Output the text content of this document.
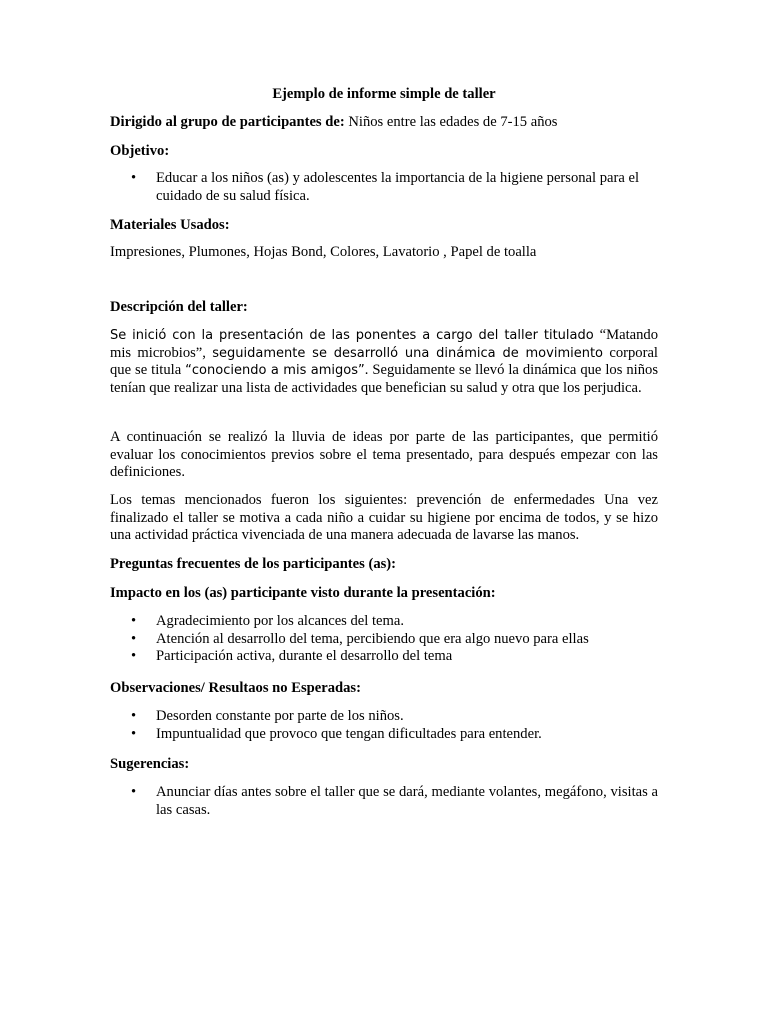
Ejemplo de informe simple de taller

Dirigido al grupo de participantes de: Niños entre las edades de 7-15 años

Objetivo:

• Educar a los niños (as) y adolescentes la importancia de la higiene personal para el cuidado de su salud física.

Materiales Usados:

Impresiones, Plumones, Hojas Bond, Colores, Lavatorio , Papel de toalla

Descripción del taller:

Se inició con la presentación de las ponentes a cargo del taller titulado “Matando mis microbios”, seguidamente se desarrolló una dinámica de movimiento corporal que se titula “conociendo a mis amigos”. Seguidamente se llevó la dinámica que los niños tenían que realizar una lista de actividades que benefician su salud y otra que los perjudica.

A continuación se realizó la lluvia de ideas por parte de las participantes, que permitió evaluar los conocimientos previos sobre el tema presentado, para después empezar con las definiciones.

Los temas mencionados fueron los siguientes: prevención de enfermedades Una vez finalizado el taller se motiva a cada niño a cuidar su higiene por encima de todos, y se hizo una actividad práctica vivenciada de una manera adecuada de lavarse las manos.

Preguntas frecuentes de los participantes (as):

Impacto en los (as) participante visto durante la presentación:

• Agradecimiento por los alcances del tema.
• Atención al desarrollo del tema, percibiendo que era algo nuevo para ellas
• Participación activa, durante el desarrollo del tema

Observaciones/ Resultaos no Esperadas:

• Desorden constante por parte de los niños.
• Impuntualidad que provoco que tengan dificultades para entender.

Sugerencias:

• Anunciar días antes sobre el taller que se dará, mediante volantes, megáfono, visitas a las casas.
